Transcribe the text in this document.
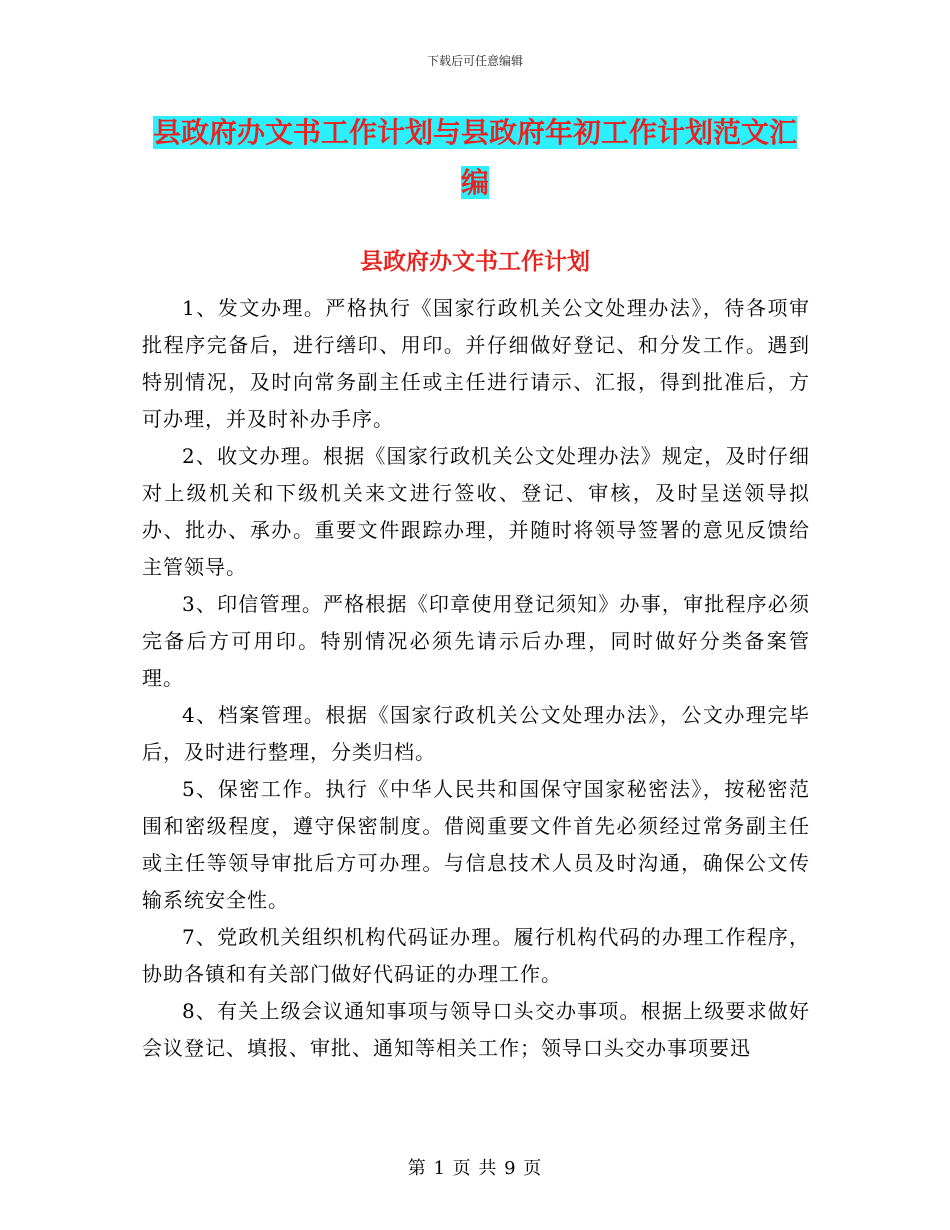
下载后可任意编辑
县政府办文书工作计划与县政府年初工作计划范文汇编
县政府办文书工作计划

1、发文办理。严格执行《国家行政机关公文处理办法》，待各项审批程序完备后，进行缮印、用印。并仔细做好登记、和分发工作。遇到特别情况，及时向常务副主任或主任进行请示、汇报，得到批准后，方可办理，并及时补办手序。

2、收文办理。根据《国家行政机关公文处理办法》规定，及时仔细对上级机关和下级机关来文进行签收、登记、审核，及时呈送领导拟办、批办、承办。重要文件跟踪办理，并随时将领导签署的意见反馈给主管领导。

3、印信管理。严格根据《印章使用登记须知》办事，审批程序必须完备后方可用印。特别情况必须先请示后办理，同时做好分类备案管理。

4、档案管理。根据《国家行政机关公文处理办法》，公文办理完毕后，及时进行整理，分类归档。

5、保密工作。执行《中华人民共和国保守国家秘密法》，按秘密范围和密级程度，遵守保密制度。借阅重要文件首先必须经过常务副主任或主任等领导审批后方可办理。与信息技术人员及时沟通，确保公文传输系统安全性。

7、党政机关组织机构代码证办理。履行机构代码的办理工作程序，协助各镇和有关部门做好代码证的办理工作。

8、有关上级会议通知事项与领导口头交办事项。根据上级要求做好会议登记、填报、审批、通知等相关工作；领导口头交办事项要迅

第 1 页 共 9 页
